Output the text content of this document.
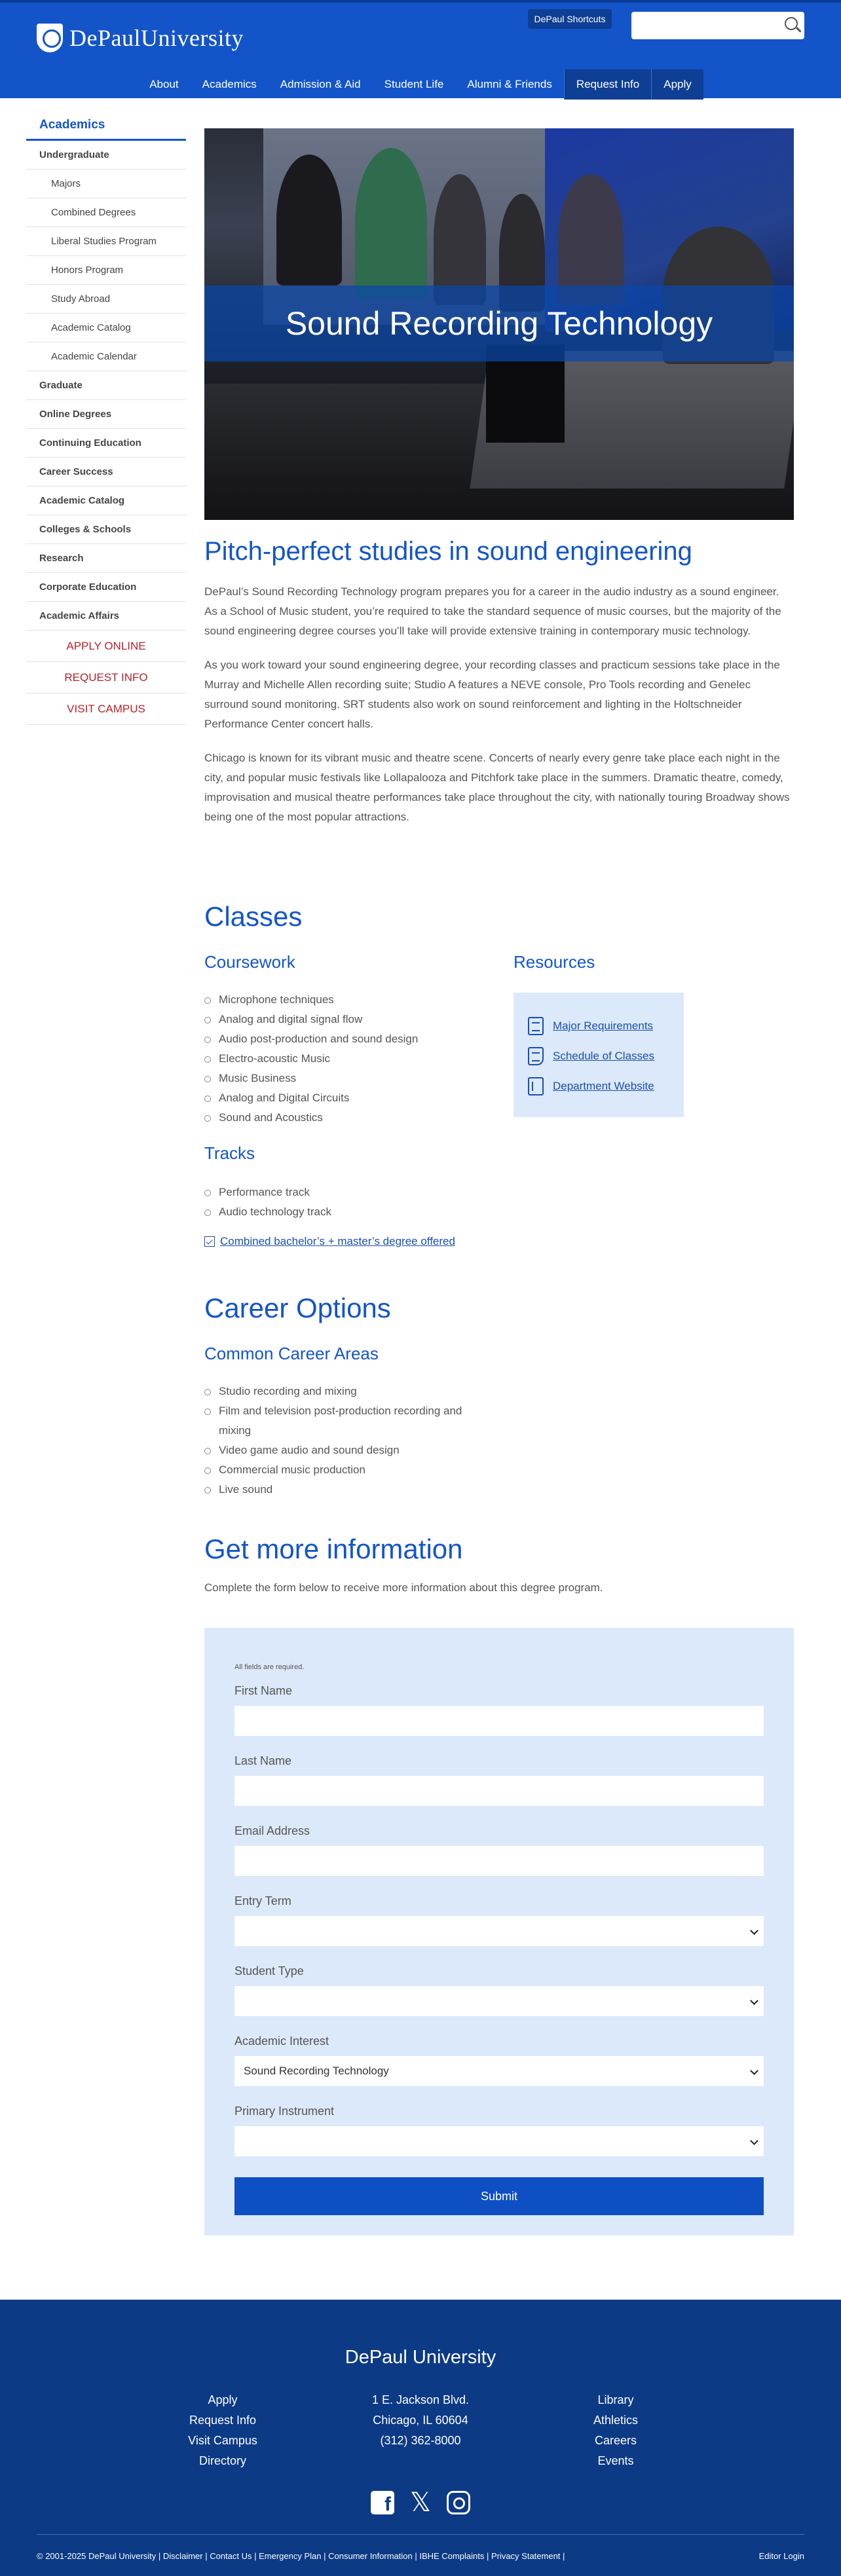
DePaulUniversity
DePaul Shortcuts
About	Academics	Admission & Aid	Student Life	Alumni & Friends	Request Info	Apply
Academics
Undergraduate
Majors
Combined Degrees
Liberal Studies Program
Honors Program
Study Abroad
Academic Catalog
Academic Calendar
Graduate
Online Degrees
Continuing Education
Career Success
Academic Catalog
Colleges & Schools
Research
Corporate Education
Academic Affairs
APPLY ONLINE
REQUEST INFO
VISIT CAMPUS
Sound Recording Technology
Pitch-perfect studies in sound engineering

DePaul’s Sound Recording Technology program prepares you for a career in the audio industry as a sound engineer. As a School of Music student, you’re required to take the standard sequence of music courses, but the majority of the sound engineering degree courses you’ll take will provide extensive training in contemporary music technology.

As you work toward your sound engineering degree, your recording classes and practicum sessions take place in the Murray and Michelle Allen recording suite; Studio A features a NEVE console, Pro Tools recording and Genelec surround sound monitoring. SRT students also work on sound reinforcement and lighting in the Holtschneider Performance Center concert halls.

Chicago is known for its vibrant music and theatre scene. Concerts of nearly every genre take place each night in the city, and popular music festivals like Lollapalooza and Pitchfork take place in the summers. Dramatic theatre, comedy, improvisation and musical theatre performances take place throughout the city, with nationally touring Broadway shows being one of the most popular attractions.

Classes
Coursework
Microphone techniques
Analog and digital signal flow
Audio post-production and sound design
Electro-acoustic Music
Music Business
Analog and Digital Circuits
Sound and Acoustics
Resources
Major Requirements
Schedule of Classes
Department Website
Tracks
Performance track
Audio technology track
Combined bachelor’s + master’s degree offered
Career Options
Common Career Areas
Studio recording and mixing
Film and television post-production recording and mixing
Video game audio and sound design
Commercial music production
Live sound
Get more information

Complete the form below to receive more information about this degree program.

All fields are required.
First Name
Last Name
Email Address
Entry Term
Student Type
Academic Interest
Sound Recording Technology
Primary Instrument
Submit
DePaul University
Apply
Request Info
Visit Campus
Directory
1 E. Jackson Blvd.
Chicago, IL 60604
(312) 362-8000
Library
Athletics
Careers
Events
f 𝕏
© 2001-2025 DePaul University | Disclaimer | Contact Us | Emergency Plan | Consumer Information | IBHE Complaints | Privacy Statement |	Editor Login
